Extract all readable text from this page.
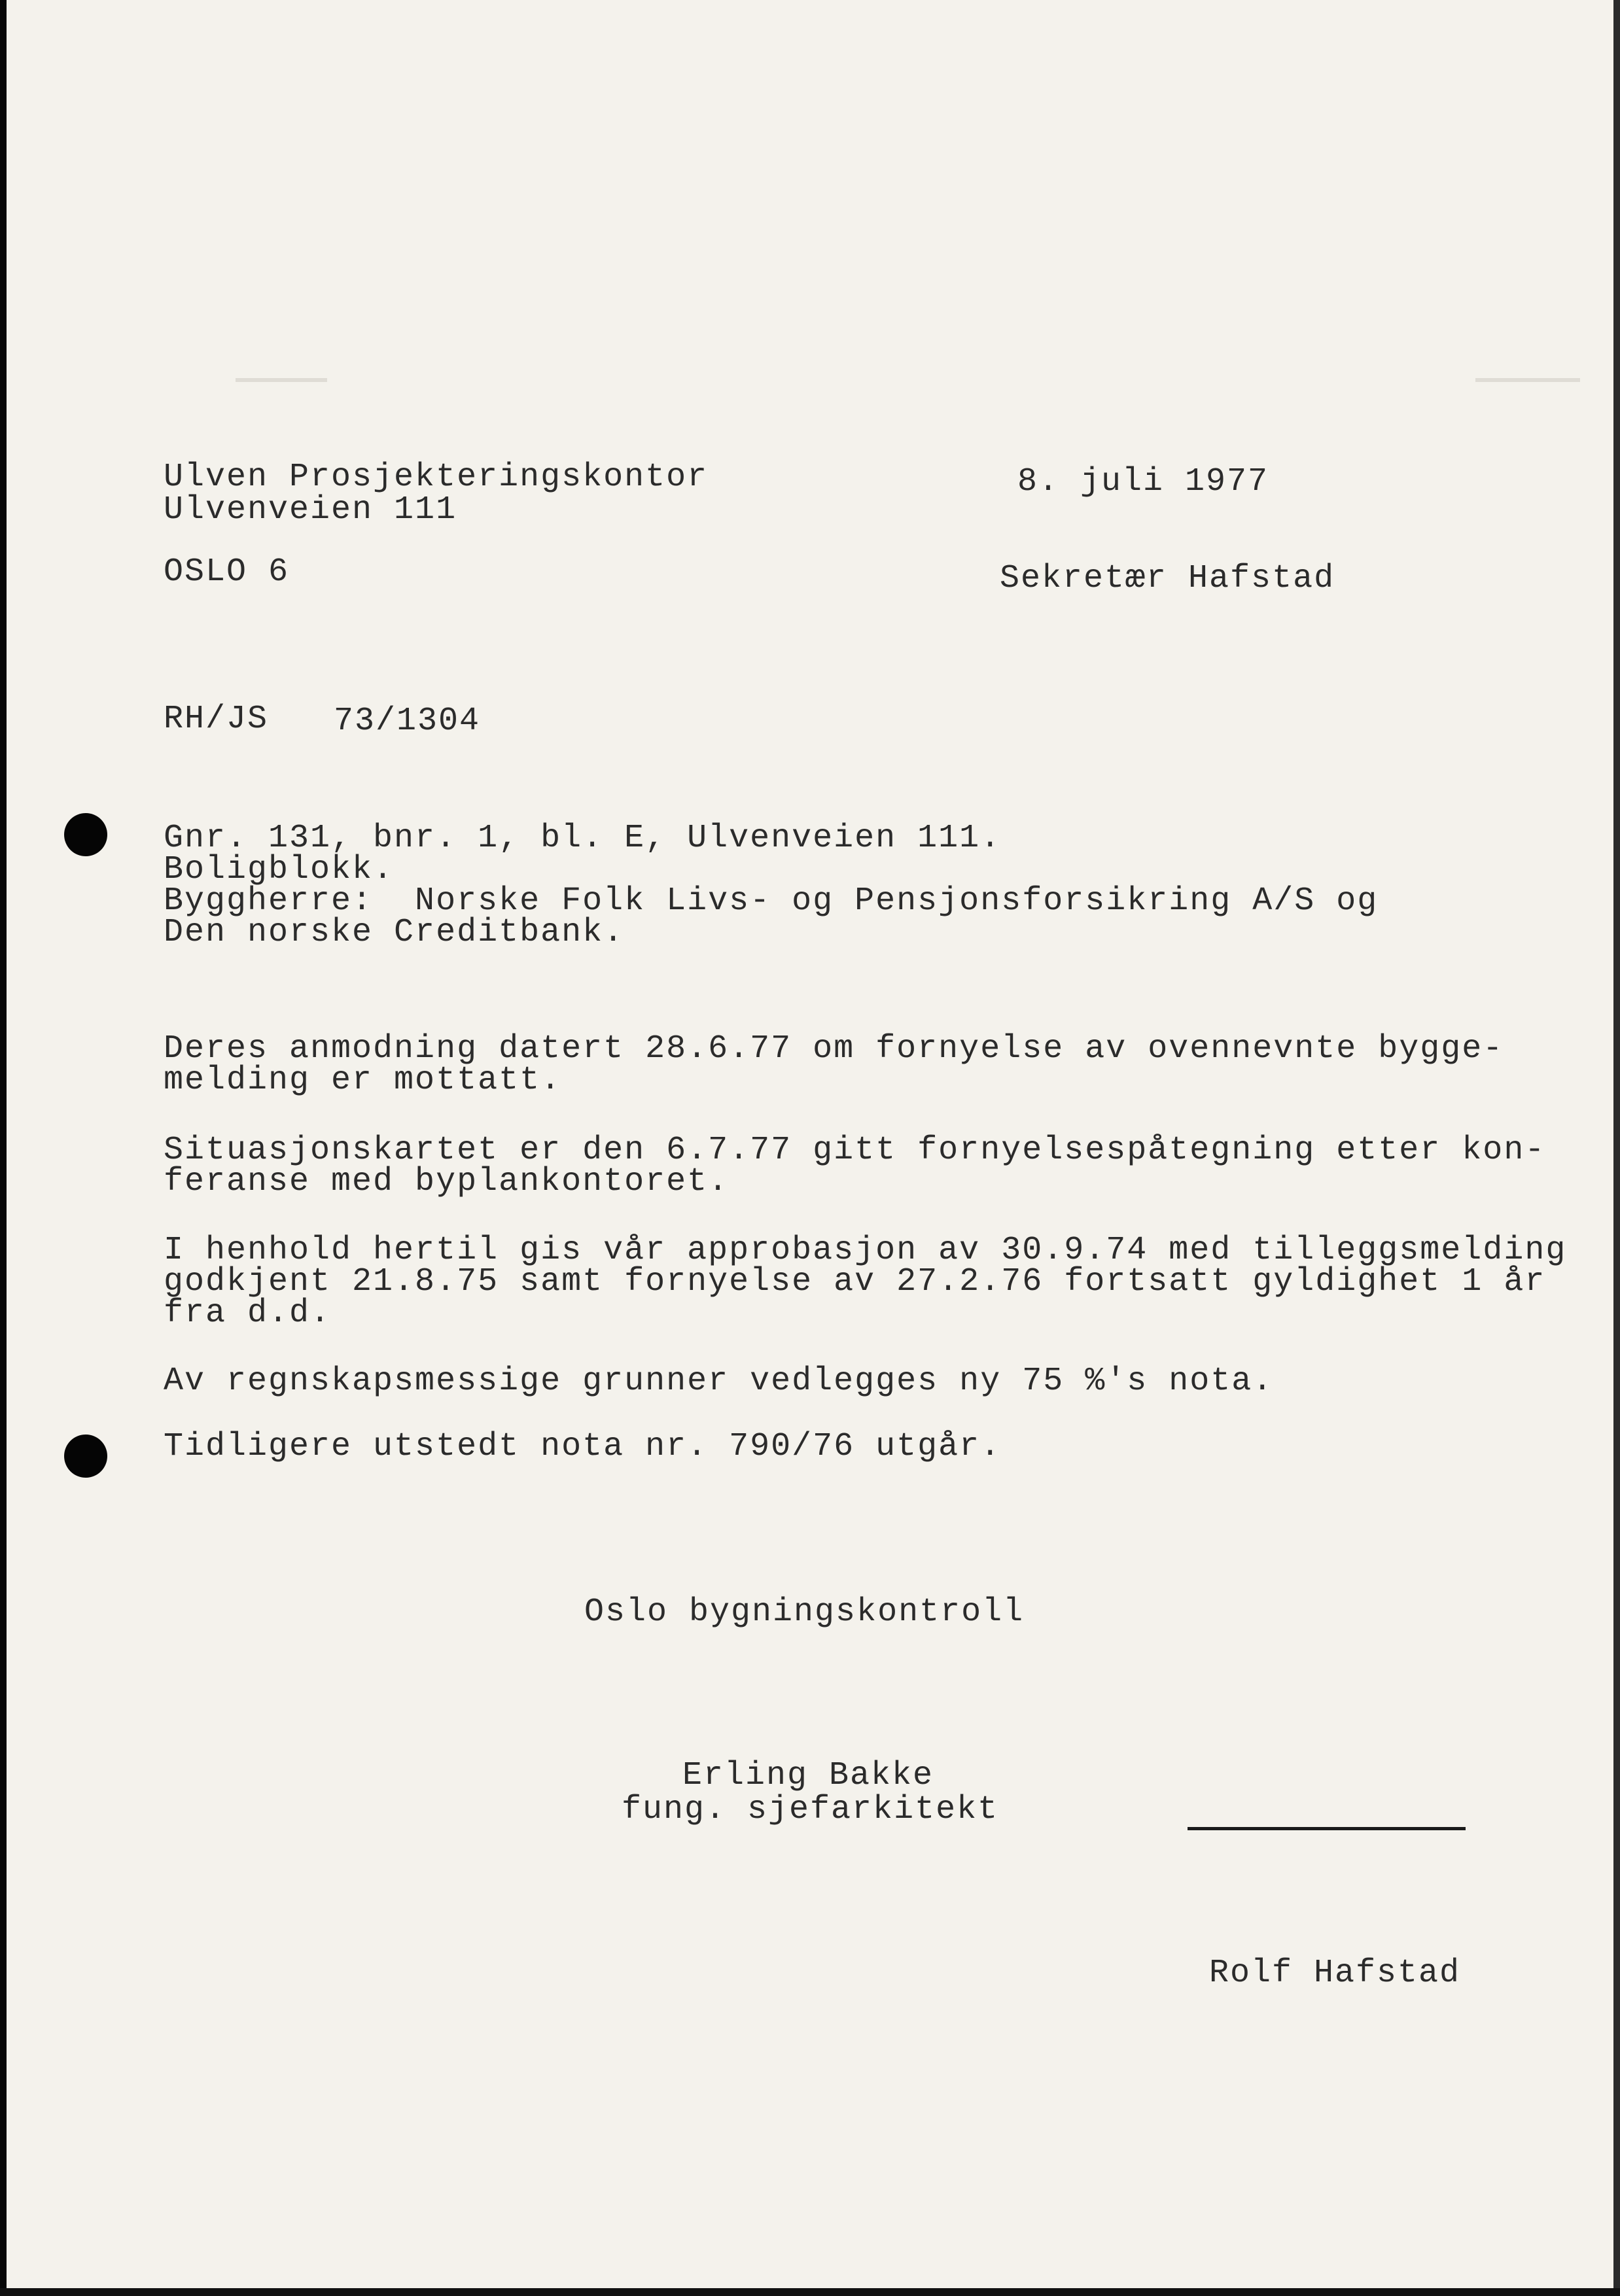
Ulven Prosjekteringskontor

Ulvenveien 111

OSLO 6

8. juli 1977

Sekretær Hafstad

RH/JS 73/1304

Gnr. 131, bnr. 1, bl. E, Ulvenveien 111.
Boligblokk.
Byggherre:  Norske Folk Livs- og Pensjonsforsikring A/S og
Den norske Creditbank.
Deres anmodning datert 28.6.77 om fornyelse av ovennevnte bygge-
melding er mottatt.
Situasjonskartet er den 6.7.77 gitt fornyelsespåtegning etter kon-
feranse med byplankontoret.
I henhold hertil gis vår approbasjon av 30.9.74 med tilleggsmelding
godkjent 21.8.75 samt fornyelse av 27.2.76 fortsatt gyldighet 1 år
fra d.d.
Av regnskapsmessige grunner vedlegges ny 75 %'s nota.
Tidligere utstedt nota nr. 790/76 utgår.

Oslo bygningskontroll

Erling Bakke

fung. sjefarkitekt

Rolf Hafstad
